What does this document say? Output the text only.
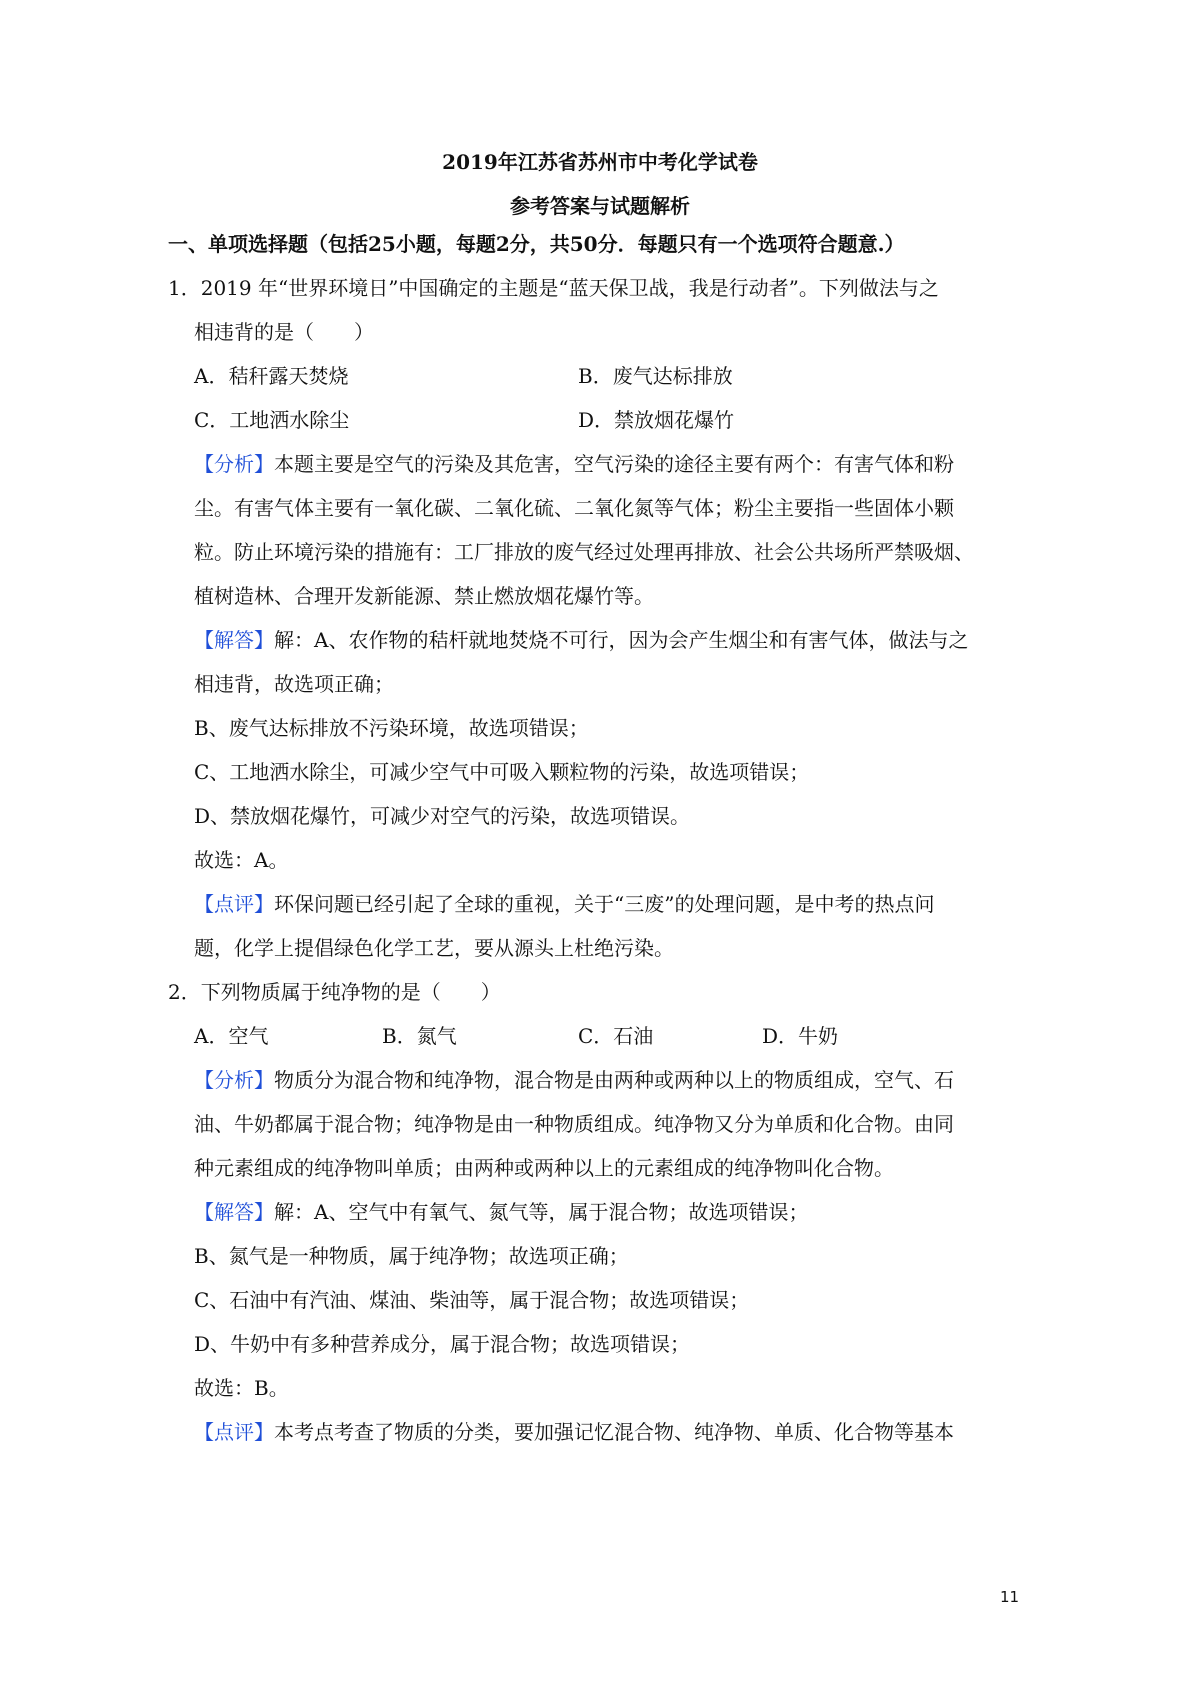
2019年江苏省苏州市中考化学试卷
参考答案与试题解析
一、单项选择题（包括25小题，每题2分，共50分．每题只有一个选项符合题意.）
1．2019 年“世界环境日”中国确定的主题是“蓝天保卫战，我是行动者”。下列做法与之
相违背的是（　　）
A．秸秆露天焚烧	B．废气达标排放
C．工地洒水除尘	D．禁放烟花爆竹
【分析】本题主要是空气的污染及其危害，空气污染的途径主要有两个：有害气体和粉
尘。有害气体主要有一氧化碳、二氧化硫、二氧化氮等气体；粉尘主要指一些固体小颗
粒。防止环境污染的措施有：工厂排放的废气经过处理再排放、社会公共场所严禁吸烟、
植树造林、合理开发新能源、禁止燃放烟花爆竹等。
【解答】解：A、农作物的秸杆就地焚烧不可行，因为会产生烟尘和有害气体，做法与之
相违背，故选项正确；
B、废气达标排放不污染环境，故选项错误；
C、工地洒水除尘，可减少空气中可吸入颗粒物的污染，故选项错误；
D、禁放烟花爆竹，可减少对空气的污染，故选项错误。
故选：A。
【点评】环保问题已经引起了全球的重视，关于“三废”的处理问题，是中考的热点问
题，化学上提倡绿色化学工艺，要从源头上杜绝污染。
2．下列物质属于纯净物的是（　　）
A．空气	B．氮气	C．石油	D．牛奶
【分析】物质分为混合物和纯净物，混合物是由两种或两种以上的物质组成，空气、石
油、牛奶都属于混合物；纯净物是由一种物质组成。纯净物又分为单质和化合物。由同
种元素组成的纯净物叫单质；由两种或两种以上的元素组成的纯净物叫化合物。
【解答】解：A、空气中有氧气、氮气等，属于混合物；故选项错误；
B、氮气是一种物质，属于纯净物；故选项正确；
C、石油中有汽油、煤油、柴油等，属于混合物；故选项错误；
D、牛奶中有多种营养成分，属于混合物；故选项错误；
故选：B。
【点评】本考点考查了物质的分类，要加强记忆混合物、纯净物、单质、化合物等基本
11
